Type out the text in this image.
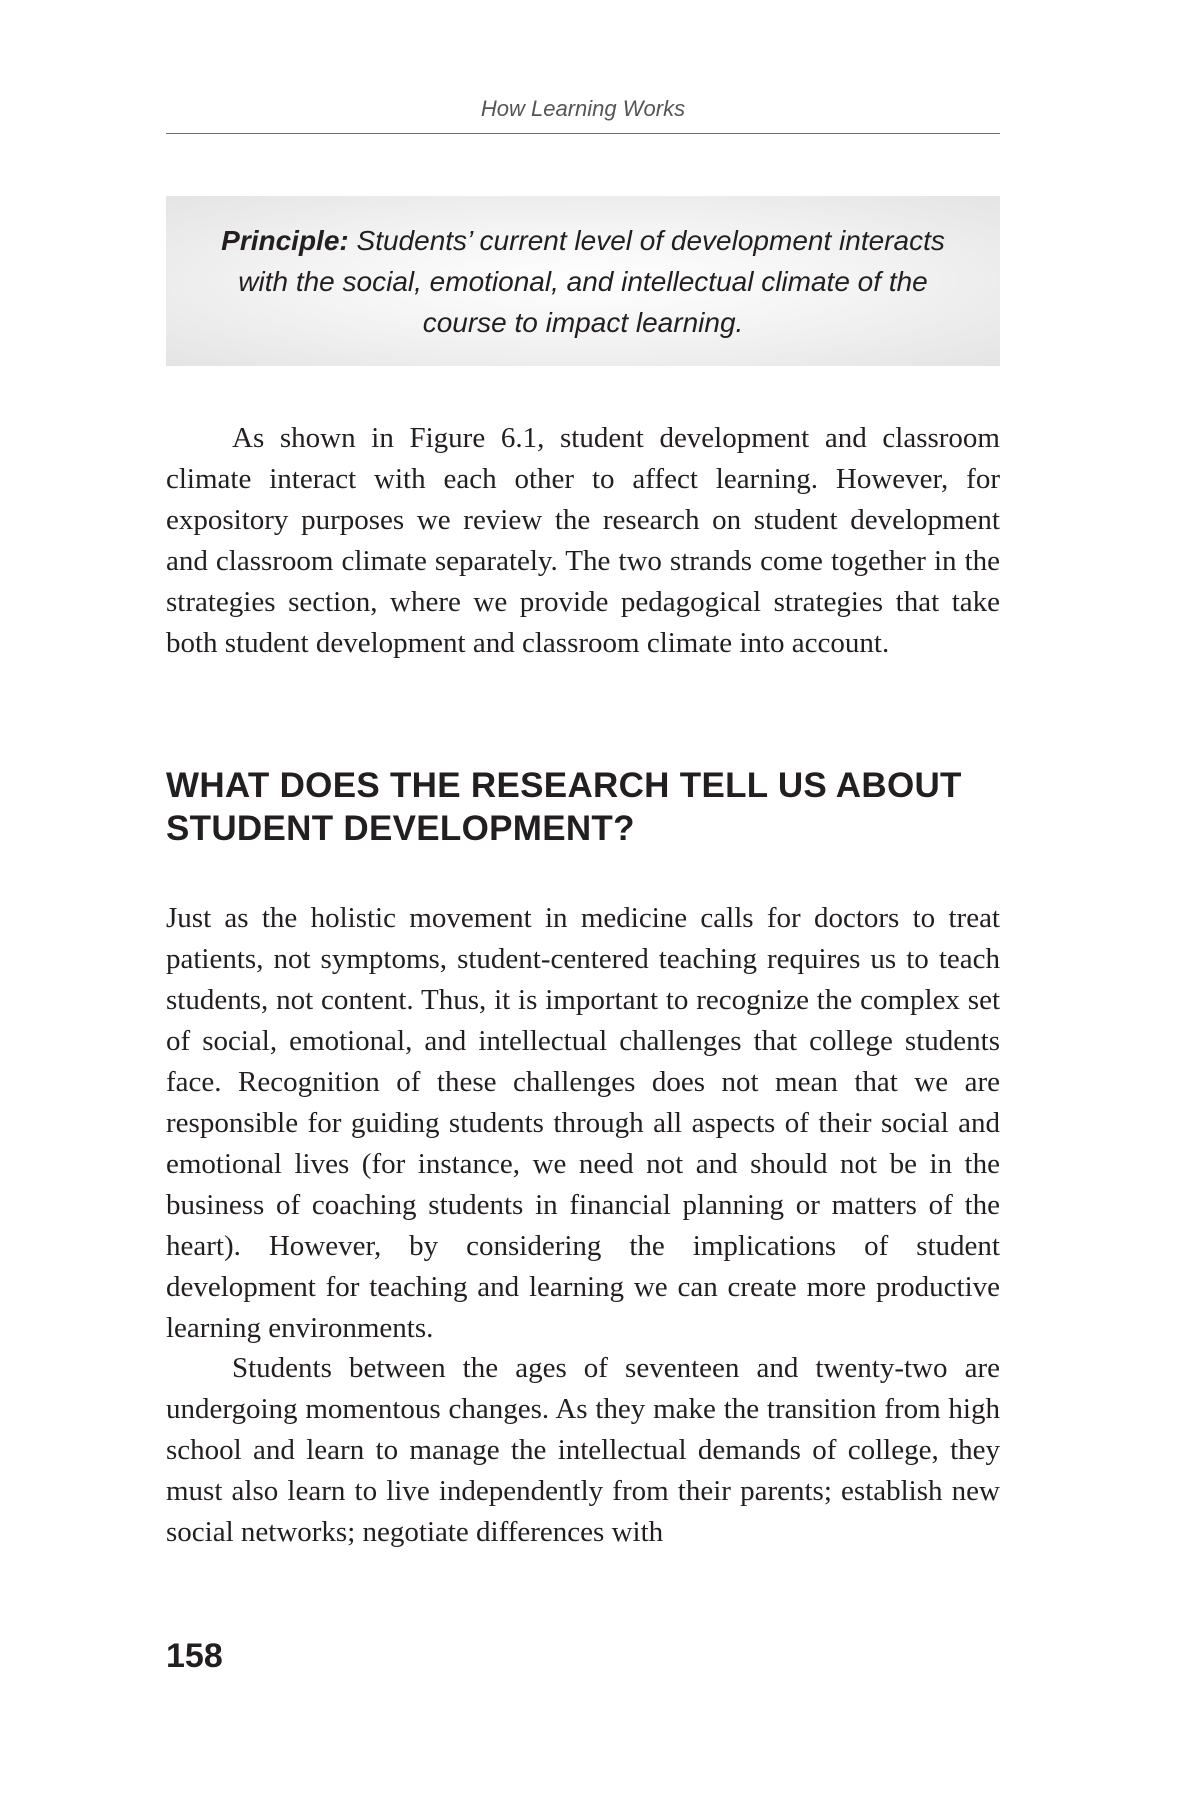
How Learning Works
Principle: Students’ current level of development interacts with the social, emotional, and intellectual climate of the course to impact learning.

As shown in Figure 6.1, student development and classroom climate interact with each other to affect learning. However, for expository purposes we review the research on student development and classroom climate separately. The two strands come together in the strategies section, where we provide pedagogical strategies that take both student development and classroom climate into account.

WHAT DOES THE RESEARCH TELL US ABOUT STUDENT DEVELOPMENT?

Just as the holistic movement in medicine calls for doctors to treat patients, not symptoms, student-centered teaching requires us to teach students, not content. Thus, it is important to recognize the complex set of social, emotional, and intellectual challenges that college students face. Recognition of these challenges does not mean that we are responsible for guiding students through all aspects of their social and emotional lives (for instance, we need not and should not be in the business of coaching students in financial planning or matters of the heart). However, by considering the implications of student development for teaching and learning we can create more productive learning environments.

Students between the ages of seventeen and twenty-two are undergoing momentous changes. As they make the transition from high school and learn to manage the intellectual demands of college, they must also learn to live independently from their parents; establish new social networks; negotiate differences with

158
